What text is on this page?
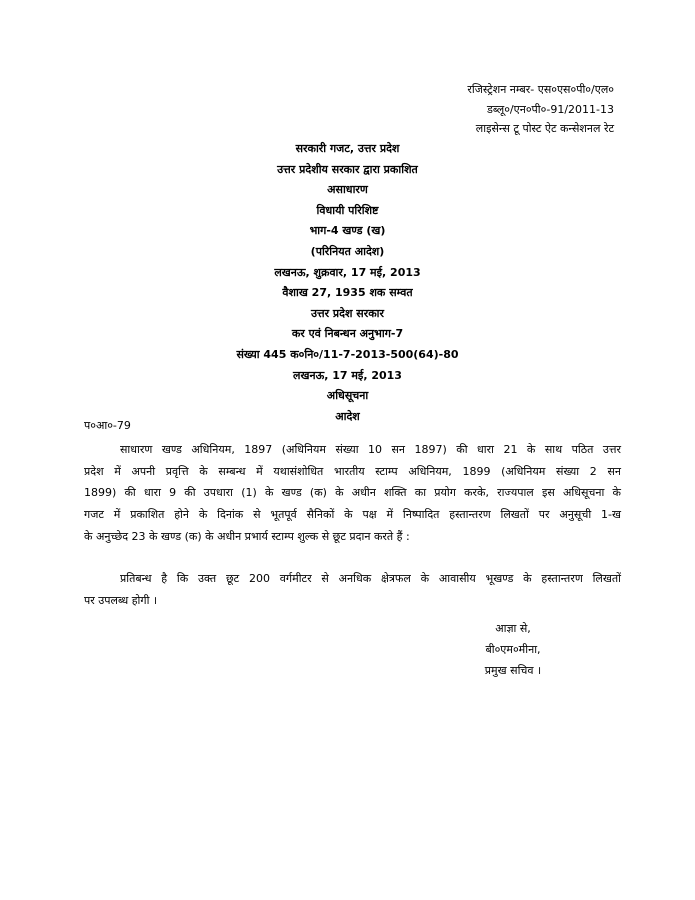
रजिस्ट्रेशन नम्बर- एस०एस०पी०/एल०
डब्लू०/एन०पी०-91/2011-13
लाइसेन्स टू पोस्ट ऐट कन्सेशनल रेट
सरकारी गजट, उत्तर प्रदेश
उत्तर प्रदेशीय सरकार द्वारा प्रकाशित
असाधारण
विधायी परिशिष्ट
भाग-4 खण्ड (ख)
(परिनियत आदेश)
लखनऊ, शुक्रवार, 17 मई, 2013
वैशाख 27, 1935 शक सम्वत
उत्तर प्रदेश सरकार
कर एवं निबन्धन अनुभाग-7
संख्या 445 क०नि०/11-7-2013-500(64)-80
लखनऊ, 17 मई, 2013
अधिसूचना
आदेश
प०आ०-79
साधारण खण्ड अधिनियम, 1897 (अधिनियम संख्या 10 सन 1897) की धारा 21 के साथ पठित उत्तर
प्रदेश में अपनी प्रवृत्ति के सम्बन्ध में यथासंशोधित भारतीय स्टाम्प अधिनियम, 1899 (अधिनियम संख्या 2 सन
1899) की धारा 9 की उपधारा (1) के खण्ड (क) के अधीन शक्ति का प्रयोग करके, राज्यपाल इस अधिसूचना के
गजट में प्रकाशित होने के दिनांक से भूतपूर्व सैनिकों के पक्ष में निष्पादित हस्तान्तरण लिखतों पर अनुसूची 1-ख
के अनुच्छेद 23 के खण्ड (क) के अधीन प्रभार्य स्टाम्प शुल्क से छूट प्रदान करते हैं :
प्रतिबन्ध है कि उक्त छूट 200 वर्गमीटर से अनधिक क्षेत्रफल के आवासीय भूखण्ड के हस्तान्तरण लिखतों
पर उपलब्ध होगी ।
आज्ञा से,
बी०एम०मीना,
प्रमुख सचिव ।
